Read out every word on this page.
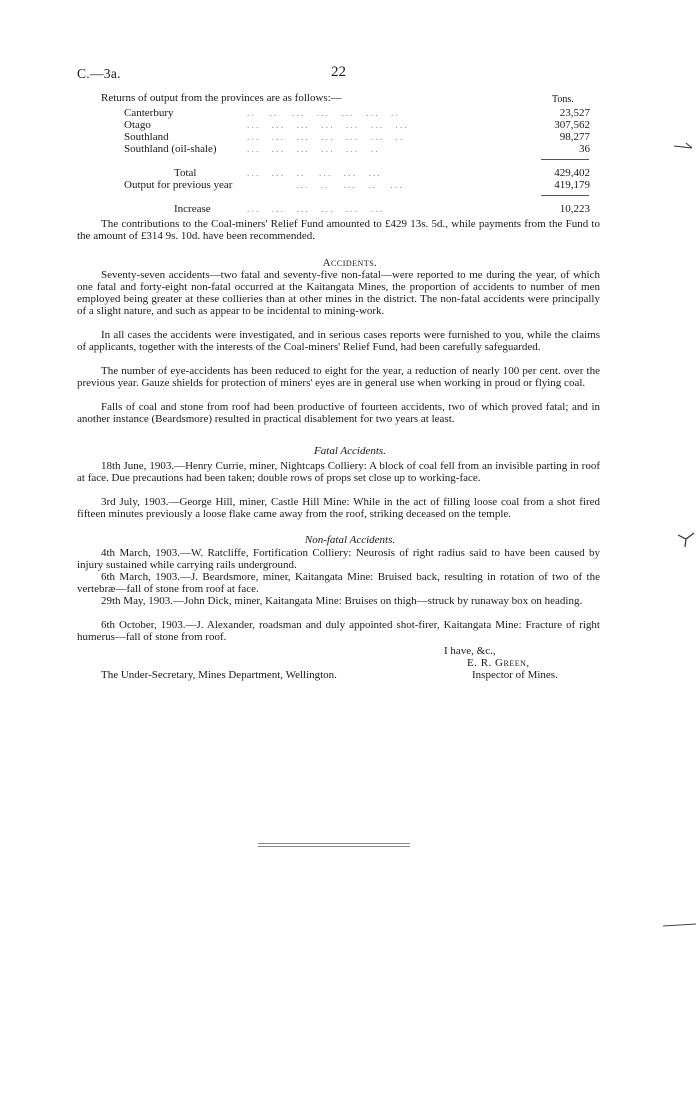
C.—3a.	22
Returns of output from the provinces are as follows:—	Tons.
Canterbury	. .       . .       . . .      . . .      . . .      . . .      . .	23,527
Otago	. . .      . . .      . . .      . . .      . . .      . . .      . . .	307,562
Southland	. . .      . . .      . . .      . . .      . . .      . . .      . .	98,277
Southland (oil-shale)	. . .      . . .      . . .      . . .      . . .      . .	36
Total	. . .      . . .      . .       . . .      . . .      . . .	429,402
Output for previous year	. . .      . .       . . .      . .       . . .	419,179
Increase	. . .      . . .      . . .      . . .      . . .      . . .	10,223
The contributions to the Coal-miners' Relief Fund amounted to £429 13s. 5d., while payments from the Fund to the amount of £314 9s. 10d. have been recommended.
Accidents.
Seventy-seven accidents—two fatal and seventy-five non-fatal—were reported to me during the year, of which one fatal and forty-eight non-fatal occurred at the Kaitangata Mines, the proportion of accidents to number of men employed being greater at these collieries than at other mines in the district. The non-fatal accidents were principally of a slight nature, and such as appear to be incidental to mining-work.
In all cases the accidents were investigated, and in serious cases reports were furnished to you, while the claims of applicants, together with the interests of the Coal-miners' Relief Fund, had been carefully safeguarded.
The number of eye-accidents has been reduced to eight for the year, a reduction of nearly 100 per cent. over the previous year. Gauze shields for protection of miners' eyes are in general use when working in proud or flying coal.
Falls of coal and stone from roof had been productive of fourteen accidents, two of which proved fatal; and in another instance (Beardsmore) resulted in practical disablement for two years at least.
Fatal Accidents.
18th June, 1903.—Henry Currie, miner, Nightcaps Colliery: A block of coal fell from an invisible parting in roof at face. Due precautions had been taken; double rows of props set close up to working-face.
3rd July, 1903.—George Hill, miner, Castle Hill Mine: While in the act of filling loose coal from a shot fired fifteen minutes previously a loose flake came away from the roof, striking deceased on the temple.
Non-fatal Accidents.
4th March, 1903.—W. Ratcliffe, Fortification Colliery: Neurosis of right radius said to have been caused by injury sustained while carrying rails underground.
6th March, 1903.—J. Beardsmore, miner, Kaitangata Mine: Bruised back, resulting in rotation of two of the vertebræ—fall of stone from roof at face.
29th May, 1903.—John Dick, miner, Kaitangata Mine: Bruises on thigh—struck by runaway box on heading.
6th October, 1903.—J. Alexander, roadsman and duly appointed shot-firer, Kaitangata Mine: Fracture of right humerus—fall of stone from roof.
I have, &c.,
E. R. Green,
The Under-Secretary, Mines Department, Wellington.	Inspector of Mines.
